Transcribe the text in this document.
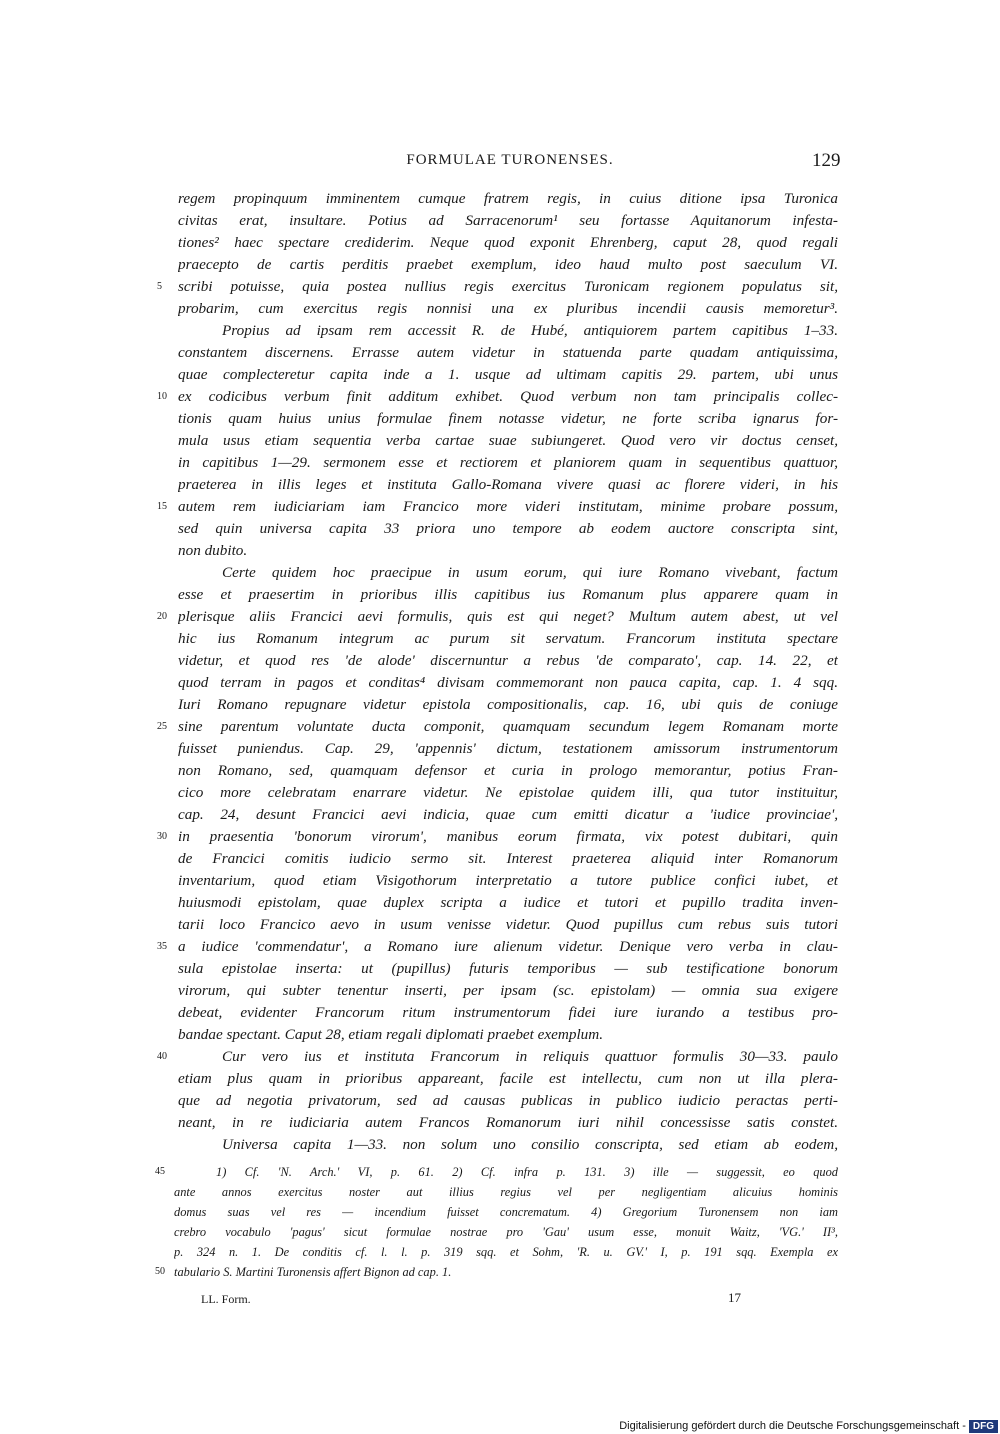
FORMULAE TURONENSES.	129
regem propinquum imminentem cumque fratrem regis, in cuius ditione ipsa Turonica
civitas erat, insultare. Potius ad Sarracenorum¹ seu fortasse Aquitanorum infesta-
tiones² haec spectare crediderim. Neque quod exponit Ehrenberg, caput 28, quod regali
praecepto de cartis perditis praebet exemplum, ideo haud multo post saeculum VI.
5	scribi potuisse, quia postea nullius regis exercitus Turonicam regionem populatus sit,
probarim, cum exercitus regis nonnisi una ex pluribus incendii causis memoretur³.
Propius ad ipsam rem accessit R. de Hubé, antiquiorem partem capitibus 1–33.
constantem discernens. Errasse autem videtur in statuenda parte quadam antiquissima,
quae complecteretur capita inde a 1. usque ad ultimam capitis 29. partem, ubi unus
10 ex codicibus verbum finit additum exhibet. Quod verbum non tam principalis collec-
tionis quam huius unius formulae finem notasse videtur, ne forte scriba ignarus for-
mula usus etiam sequentia verba cartae suae subiungeret. Quod vero vir doctus censet,
in capitibus 1—29. sermonem esse et rectiorem et planiorem quam in sequentibus quattuor,
praeterea in illis leges et instituta Gallo-Romana vivere quasi ac florere videri, in his
15 autem rem iudiciariam iam Francico more videri institutam, minime probare possum,
sed quin universa capita 33 priora uno tempore ab eodem auctore conscripta sint,
non dubito.
Certe quidem hoc praecipue in usum eorum, qui iure Romano vivebant, factum
esse et praesertim in prioribus illis capitibus ius Romanum plus apparere quam in
20 plerisque aliis Francici aevi formulis, quis est qui neget? Multum autem abest, ut vel
hic ius Romanum integrum ac purum sit servatum. Francorum instituta spectare
videtur, et quod res 'de alode' discernuntur a rebus 'de comparato', cap. 14. 22, et
quod terram in pagos et conditas⁴ divisam commemorant non pauca capita, cap. 1. 4 sqq.
Iuri Romano repugnare videtur epistola compositionalis, cap. 16, ubi quis de coniuge
25 sine parentum voluntate ducta componit, quamquam secundum legem Romanam morte
fuisset puniendus. Cap. 29, 'appennis' dictum, testationem amissorum instrumentorum
non Romano, sed, quamquam defensor et curia in prologo memorantur, potius Fran-
cico more celebratam enarrare videtur. Ne epistolae quidem illi, qua tutor instituitur,
cap. 24, desunt Francici aevi indicia, quae cum emitti dicatur a 'iudice provinciae',
30 in praesentia 'bonorum virorum', manibus eorum firmata, vix potest dubitari, quin
de Francici comitis iudicio sermo sit. Interest praeterea aliquid inter Romanorum
inventarium, quod etiam Visigothorum interpretatio a tutore publice confici iubet, et
huiusmodi epistolam, quae duplex scripta a iudice et tutori et pupillo tradita inven-
tarii loco Francico aevo in usum venisse videtur. Quod pupillus cum rebus suis tutori
35 a iudice 'commendatur', a Romano iure alienum videtur. Denique vero verba in clau-
sula epistolae inserta: ut (pupillus) futuris temporibus — sub testificatione bonorum
virorum, qui subter tenentur inserti, per ipsam (sc. epistolam) — omnia sua exigere
debeat, evidenter Francorum ritum instrumentorum fidei iure iurando a testibus pro-
bandae spectant. Caput 28, etiam regali diplomati praebet exemplum.
40	Cur vero ius et instituta Francorum in reliquis quattuor formulis 30—33. paulo
etiam plus quam in prioribus appareant, facile est intellectu, cum non ut illa plera-
que ad negotia privatorum, sed ad causas publicas in publico iudicio peractas perti-
neant, in re iudiciaria autem Francos Romanorum iuri nihil concessisse satis constet.
Universa capita 1—33. non solum uno consilio conscripta, sed etiam ab eodem,
45	1) Cf. 'N. Arch.' VI, p. 61. 2) Cf. infra p. 131. 3) ille — suggessit, eo quod
ante annos exercitus noster aut illius regius vel per negligentiam alicuius hominis
domus suas vel res — incendium fuisset concrematum. 4) Gregorium Turonensem non iam
crebro vocabulo 'pagus' sicut formulae nostrae pro 'Gau' usum esse, monuit Waitz, 'VG.' II³,
p. 324 n. 1. De conditis cf. l. l. p. 319 sqq. et Sohm, 'R. u. GV.' I, p. 191 sqq. Exempla ex
50 tabulario S. Martini Turonensis affert Bignon ad cap. 1.
LL. Form.	17
Digitalisierung gefördert durch die Deutsche Forschungsgemeinschaft - DFG
